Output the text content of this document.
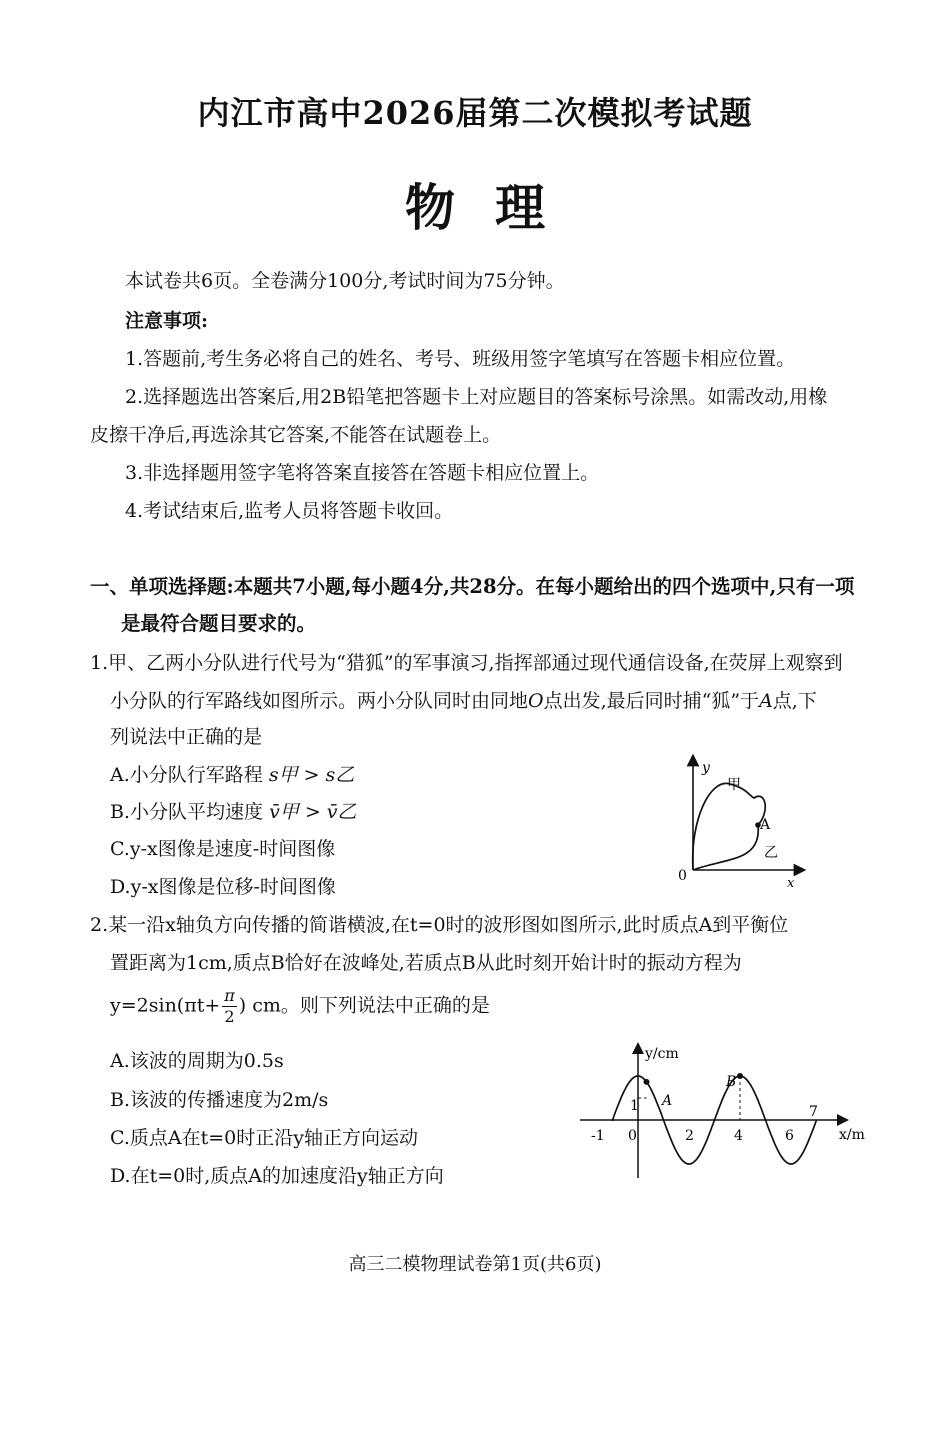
内江市高中2026届第二次模拟考试题
物理
本试卷共6页。全卷满分100分,考试时间为75分钟。
注意事项:
1.答题前,考生务必将自己的姓名、考号、班级用签字笔填写在答题卡相应位置。
2.选择题选出答案后,用2B铅笔把答题卡上对应题目的答案标号涂黑。如需改动,用橡
皮擦干净后,再选涂其它答案,不能答在试题卷上。
3.非选择题用签字笔将答案直接答在答题卡相应位置上。
4.考试结束后,监考人员将答题卡收回。
一、单项选择题:本题共7小题,每小题4分,共28分。在每小题给出的四个选项中,只有一项
是最符合题目要求的。
1.甲、乙两小分队进行代号为“猎狐”的军事演习,指挥部通过现代通信设备,在荧屏上观察到
小分队的行军路线如图所示。两小分队同时由同地O点出发,最后同时捕“狐”于A点,下
列说法中正确的是
A.小分队行军路程 s甲 > s乙
B.小分队平均速度 v̄甲 > v̄乙
C.y-x图像是速度-时间图像
D.y-x图像是位移-时间图像
y
x
0
甲
A
乙
2.某一沿x轴负方向传播的简谐横波,在t=0时的波形图如图所示,此时质点A到平衡位
置距离为1cm,质点B恰好在波峰处,若质点B从此时刻开始计时的振动方程为
$y=2\sin(\pi t+ \frac{\pi}{2}$ ) cm。则下列说法中正确的是
A.该波的周期为0.5s
B.该波的传播速度为2m/s
C.质点A在t=0时正沿y轴正方向运动
D.在t=0时,质点A的加速度沿y轴正方向
y/cm
x/m
-1 0
1
2	4	6
7
A
B
高三二模物理试卷第1页(共6页)
